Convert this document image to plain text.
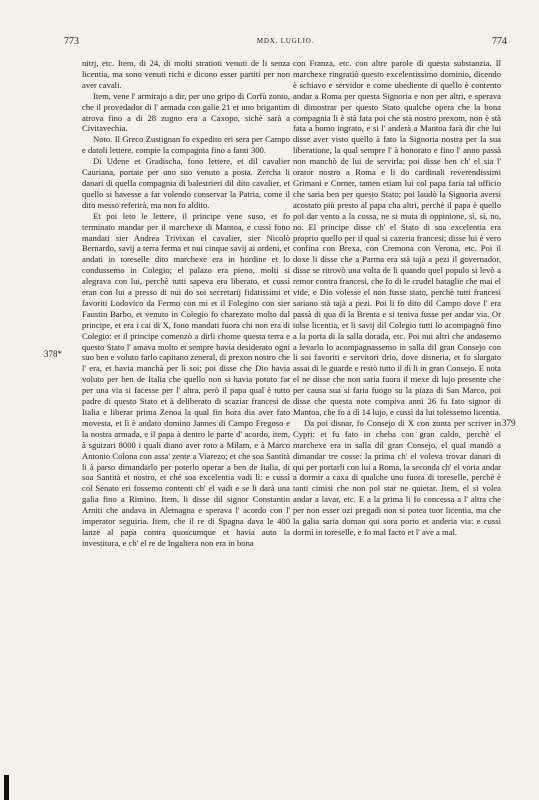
773	MDX, LUGLIO.	774
378*
379

nitrj, etc. Item, di 24, di molti stratioti venuti de li senza licentia, ma sono venuti richi e dicono esser partiti per non aver cavali.

Item, vene l' armirajo a dir, per uno gripo di Corfù zonto, che il provedador di l' armada con galie 21 et uno brigantim atrova fino a di 28 zugno era a Caxopo, sichè sarà a Civitavechia.

Noto. Il Greco Zustignan fo expedito eri sera per Campo e datoli lettere, compie la compagnia fino a fanti 300.

Di Udene et Gradischa, fono lettere, et dil cavalier Cauriana, portate per uno suo venuto a posta. Zercha li danari di quella compagnia di balestrieri dil dito cavalier, et quello si havesse a far volendo conservar la Patria, come il dito messo referirà, ma non fo aldito.

Et poi leto le lettere, il principe vene suso, et fo terminato mandar per il marchexe di Mantoa, e cussì fono mandati sier Andrea Trivixan el cavalier, sier Nicolò Bernardo, savij a terra ferma et nui cinque savij ai ordeni, et andati in toreselle dito marchexe era in hordine et lo condussemo in Colegio; el palazo era pieno, molti si alegrava con lui, perchè tutti sapeva era liberato, et cussì eran con lui a presso di nui do soi secretarij fidatissimi et favoriti Lodovico da Fermo con mi et il Folegino con sier Faustin Barbo, et venuto in Colegio fo charezato molto dal principe, et era i cai di X, fono mandati fuora chi non era di Colegio: et il principe comenzò a dirli chome questa terra e questo Stato l' amava molto et sempre havia desiderato ogni suo ben e voluto farlo capitano zeneral, di prexon nostro che l' era, et havia manchà per lì soi; poi disse che Dio havia voluto per ben de Italia che quello non si havia potuto far per una via si facesse per l' altra, però il papa qual è tutto padre di questo Stato et à deliberato di scaziar francesi de Italia e liberar prima Zenoa la qual fin hora dia aver fato movesta, et lì è andato domino Jannes di Campo Fregoso e la nostra armada, e il papa à dentro le parte d' acordo, item, à sguizari 8000 i quali diano aver roto a Milam, e à Marco Antonio Colona con assa' zente a Viarezo; et che soa Santità li à parso dimandarlo per poterlo operar a ben de Italia, di soa Santità et nostro, et ché soa excelentia vadi lì: e cussì col Senato eri fossemo contenti ch' el vadi e se li darà una galia fino a Rimino. Item, li disse dil signor Constantin Arniti che andava in Alemagna e sperava l' acordo con l' imperator seguiria. Item, che il re di Spagna dava le 400 lanze al papa contra quoscumque et havia auto la investitura, e ch' el re de Ingaltera non era in bona

con Franza, etc. con altre parole di questa substanzia. Il marchexe ringratiò questo excelentissimo dominio, dicendo è schiavo e servidor e come ubediente di quello è contento andar a Roma per questa Signoria e non per altri, e sperava di dimostrar per questo Stato qualche opera che la bona compagnia li è stà fata poi che stà nostro prexom, non è stà fata a homo ingrato, e si l' anderà a Mantoa farà dir che lui disse aver visto quello à fato la Signoria nostra per la sua liberatione, la qual sempre l' à honorato e fino l' anno passà non manchò de lui de servirla; poi disse ben ch' el sia l' orator nostro a Roma e li do cardinali reverendissimi Grimani e Corner, tamen etiam lui col papa faria tal officio che saria ben per questo Stato; poi laudò la Signoria aversi acostato più presto al papa cha altri, perchè il papa è quello pol dar vento a la cossa, ne si muta di oppinione, sì, sì, no, no. El principe disse ch' el Stato di soa excelentia era proprio quello per il qual si cazeria francesi; disse lui è vero confina con Brexa, con Cremona con Verona, etc. Poi il doxe li disse che a Parma era stà tajà a pezi il governador, disse se ritrovò una volta de li quando quel populo si levò a remor contra francesi, che fo di le crudel bataglie che mai el vide, e Dio volesse el non fusse stato, perchè tutti francesi sariano stà tajà a pezi. Poi li fo dito dil Campo dove l' era passà di qua di la Brenta e si teniva fusse per andar via. Or tolse licentia, et li savij dil Colegio tutti lo acompagnò fino a la porta di la salla dorada, etc. Poi nui altri che andasemo a levarlo lo acompagnassemo in salla dil gran Consejo con li soi favoriti e servitori drio, dove disneria, et fo slargato assai di le guarde e restò tutto il dì li in gran Consejo. E nota el ne disse che non saria fuora il mexe di lujo presente che per causa sua si faria fuogo su la piaza di San Marco, poi disse che questa note compiva anni 26 fu fato signor di Mantoa, che fo a dì 14 lujo, e cussì da lui tolessemo licentia.

Da poi disnar, fo Consejo di X con zonta per scriver in Cypri: et fu fato in cheba con gran caldo, perchè el marchexe era in salla dil gran Consejo, el qual mandò a dimandar tre cosse: la prima ch' el voleva trovar danari di qui per portarli con lui a Roma, la seconda ch' el voria andar a dormir a caxa di qualche uno fuora di toreselle, perchè è tanti cimisi che non pol star ne quietar. Item, el si volea andar a lavar, etc. E a la prima li fo concessa a l' altra che per non esser ozi pregadi non si potea tuor licentia, ma che la galia saria doman qui sora porto et anderia via: e cussì dormì in toreselle, e fo mal facto et l' ave a mal.
